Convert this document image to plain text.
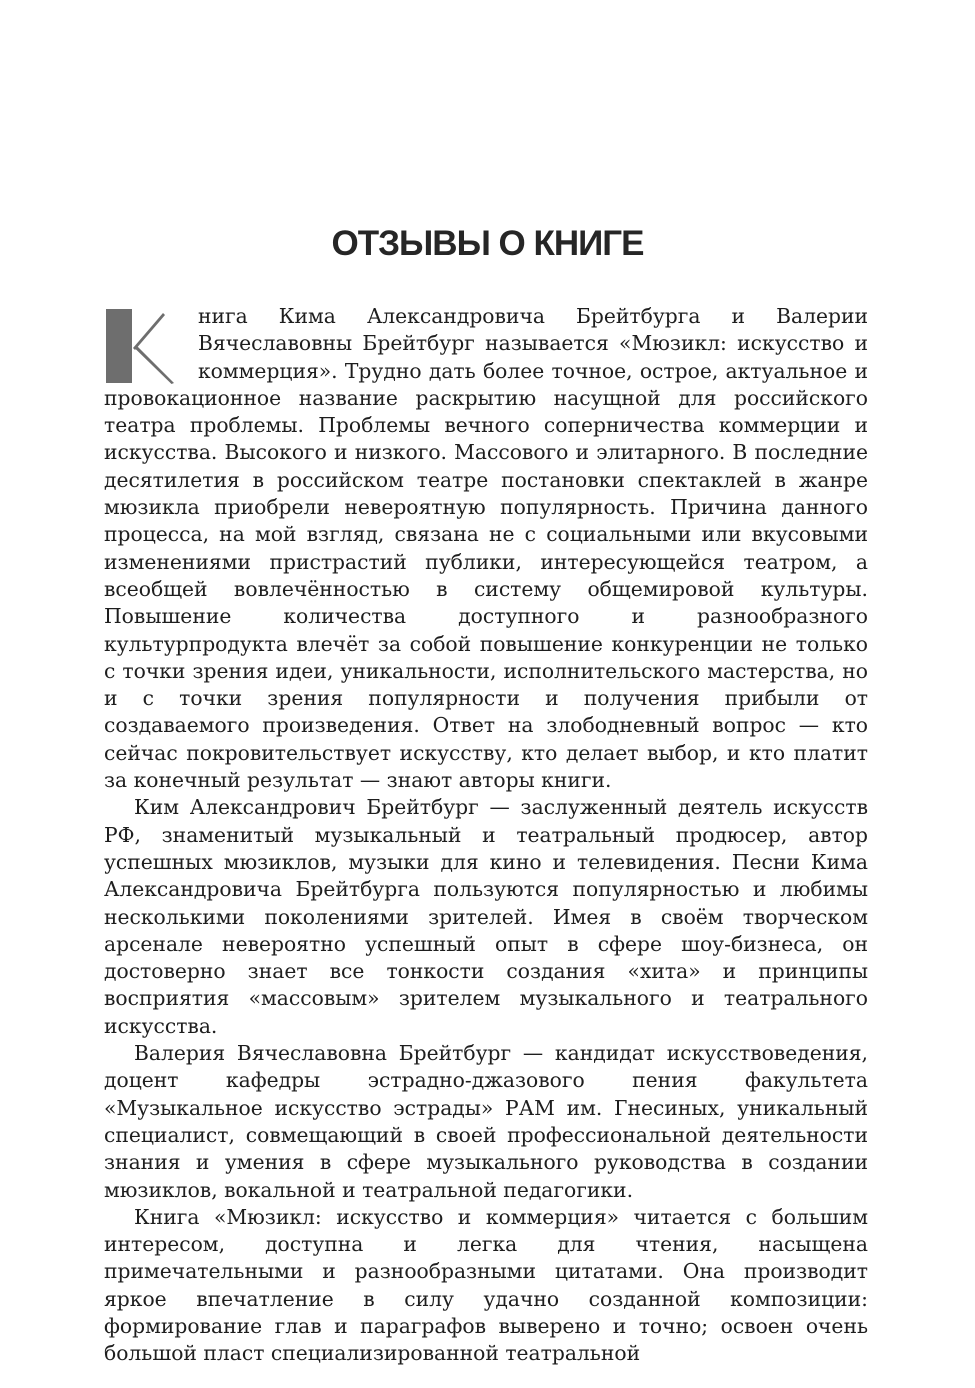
ОТЗЫВЫ О КНИГЕ

нига Кима Александровича Брейтбурга и Валерии Вячеславовны Брейтбург называется «Мюзикл: искусство и коммерция». Трудно дать более точное, острое, актуальное и провокационное название раскрытию насущной для российского театра проблемы. Проблемы вечного соперничества коммерции и искусства. Высокого и низкого. Массового и элитарного. В последние десятилетия в российском театре постановки спектаклей в жанре мюзикла приобрели невероятную популярность. Причина данного процесса, на мой взгляд, связана не с социальными или вкусовыми изменениями пристрастий публики, интересующейся театром, а всеобщей вовлечённостью в систему общемировой культуры. Повышение количества доступного и разнообразного культурпродукта влечёт за собой повышение конкуренции не только с точки зрения идеи, уникальности, исполнительского мастерства, но и с точки зрения популярности и получения прибыли от создаваемого произведения. Ответ на злободневный вопрос — кто сейчас покровительствует искусству, кто делает выбор, и кто платит за конечный результат — знают авторы книги.

Ким Александрович Брейтбург — заслуженный деятель искусств РФ, знаменитый музыкальный и театральный продюсер, автор успешных мюзиклов, музыки для кино и телевидения. Песни Кима Александровича Брейтбурга пользуются популярностью и любимы несколькими поколениями зрителей. Имея в своём творческом арсенале невероятно успешный опыт в сфере шоу-бизнеса, он достоверно знает все тонкости создания «хита» и принципы восприятия «массовым» зрителем музыкального и театрального искусства.

Валерия Вячеславовна Брейтбург — кандидат искусствоведения, доцент кафедры эстрадно-джазового пения факультета «Музыкальное искусство эстрады» РАМ им. Гнесиных, уникальный специалист, совмещающий в своей профессиональной деятельности знания и умения в сфере музыкального руководства в создании мюзиклов, вокальной и театральной педагогики.

Книга «Мюзикл: искусство и коммерция» читается с большим интересом, доступна и легка для чтения, насыщена примечательными и разнообразными цитатами. Она производит яркое впечатление в силу удачно созданной композиции: формирование глав и параграфов выверено и точно; освоен очень большой пласт специализированной театральной
